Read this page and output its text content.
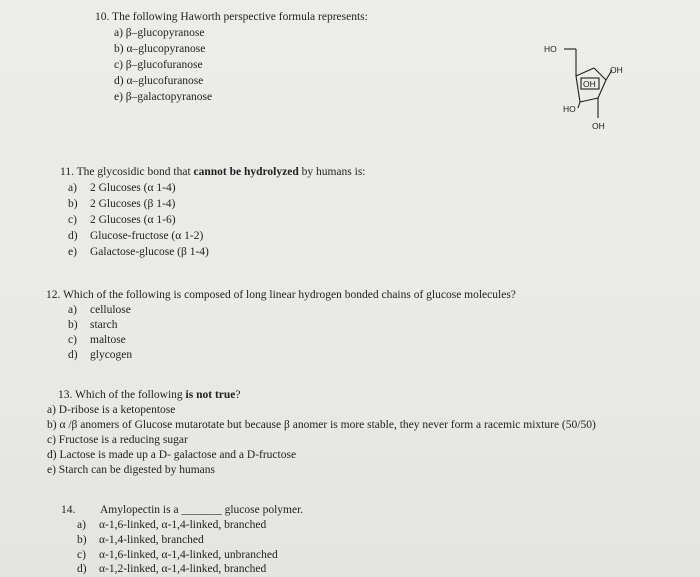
10. The following Haworth perspective formula represents:
a) β–glucopyranose
b) α–glucopyranose
c) β–glucofuranose
d) α–glucofuranose
e) β–galactopyranose
HO
OH
OH
HO
OH
11. The glycosidic bond that cannot be hydrolyzed by humans is:
a) 2 Glucoses (α 1-4)
b) 2 Glucoses (β 1-4)
c) 2 Glucoses (α 1-6)
d) Glucose-fructose (α 1-2)
e) Galactose-glucose (β 1-4)
12. Which of the following is composed of long linear hydrogen bonded chains of glucose molecules?
a) cellulose
b) starch
c) maltose
d) glycogen
13. Which of the following is not true?
a) D-ribose is a ketopentose
b) α /β anomers of Glucose mutarotate but because β anomer is more stable, they never form a racemic mixture (50/50)
c) Fructose is a reducing sugar
d) Lactose is made up a D- galactose and a D-fructose
e) Starch can be digested by humans
14. Amylopectin is a _______ glucose polymer.
a) α-1,6-linked, α-1,4-linked, branched
b) α-1,4-linked, branched
c) α-1,6-linked, α-1,4-linked, unbranched
d) α-1,2-linked, α-1,4-linked, branched
